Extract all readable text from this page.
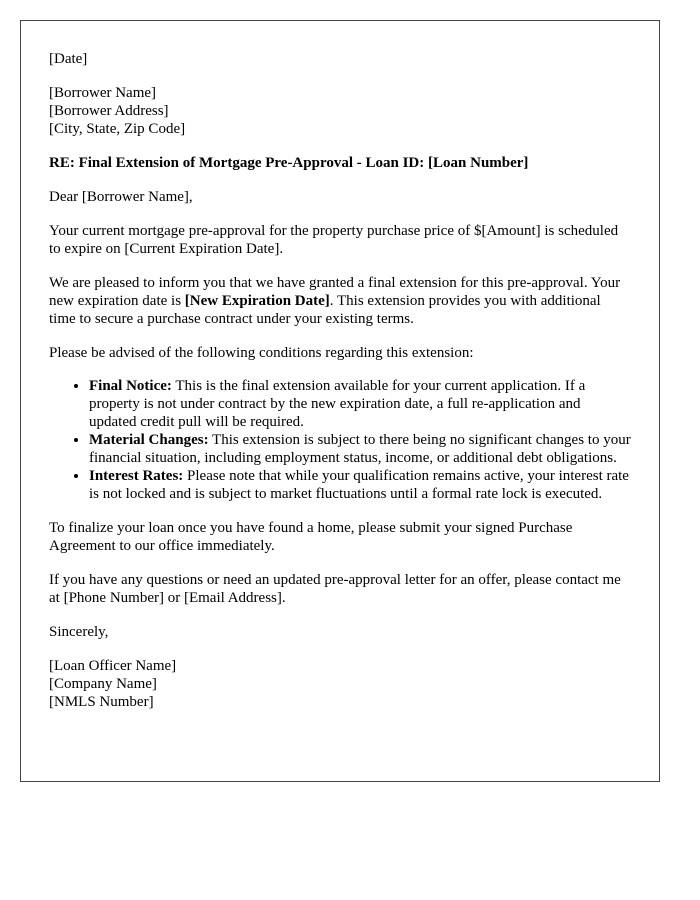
[Date]

[Borrower Name]

[Borrower Address]

[City, State, Zip Code]

RE: Final Extension of Mortgage Pre-Approval - Loan ID: [Loan Number]

Dear [Borrower Name],

Your current mortgage pre-approval for the property purchase price of $[Amount] is scheduled to expire on [Current Expiration Date].

We are pleased to inform you that we have granted a final extension for this pre-approval. Your new expiration date is [New Expiration Date]. This extension provides you with additional time to secure a purchase contract under your existing terms.

Please be advised of the following conditions regarding this extension:

• Final Notice: This is the final extension available for your current application. If a property is not under contract by the new expiration date, a full re-application and updated credit pull will be required.
• Material Changes: This extension is subject to there being no significant changes to your financial situation, including employment status, income, or additional debt obligations.
• Interest Rates: Please note that while your qualification remains active, your interest rate is not locked and is subject to market fluctuations until a formal rate lock is executed.

To finalize your loan once you have found a home, please submit your signed Purchase Agreement to our office immediately.

If you have any questions or need an updated pre-approval letter for an offer, please contact me at [Phone Number] or [Email Address].

Sincerely,

[Loan Officer Name]

[Company Name]

[NMLS Number]
